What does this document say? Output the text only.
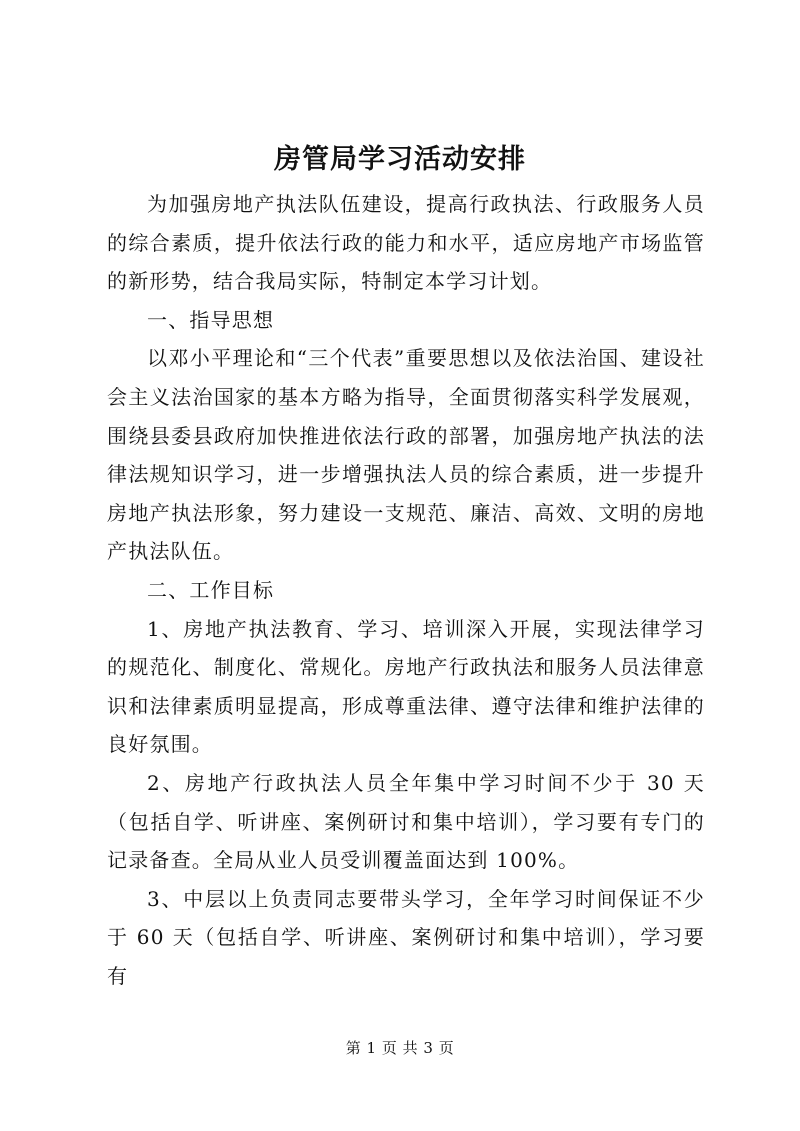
房管局学习活动安排

为加强房地产执法队伍建设，提高行政执法、行政服务人员的综合素质，提升依法行政的能力和水平，适应房地产市场监管的新形势，结合我局实际，特制定本学习计划。

一、指导思想

以邓小平理论和“三个代表”重要思想以及依法治国、建设社会主义法治国家的基本方略为指导，全面贯彻落实科学发展观，围绕县委县政府加快推进依法行政的部署，加强房地产执法的法律法规知识学习，进一步增强执法人员的综合素质，进一步提升房地产执法形象，努力建设一支规范、廉洁、高效、文明的房地产执法队伍。

二、工作目标

1、房地产执法教育、学习、培训深入开展，实现法律学习的规范化、制度化、常规化。房地产行政执法和服务人员法律意识和法律素质明显提高，形成尊重法律、遵守法律和维护法律的良好氛围。

2、房地产行政执法人员全年集中学习时间不少于 30 天（包括自学、听讲座、案例研讨和集中培训），学习要有专门的记录备查。全局从业人员受训覆盖面达到 100%。

3、中层以上负责同志要带头学习，全年学习时间保证不少于 60 天（包括自学、听讲座、案例研讨和集中培训），学习要有

第 1 页 共 3 页
